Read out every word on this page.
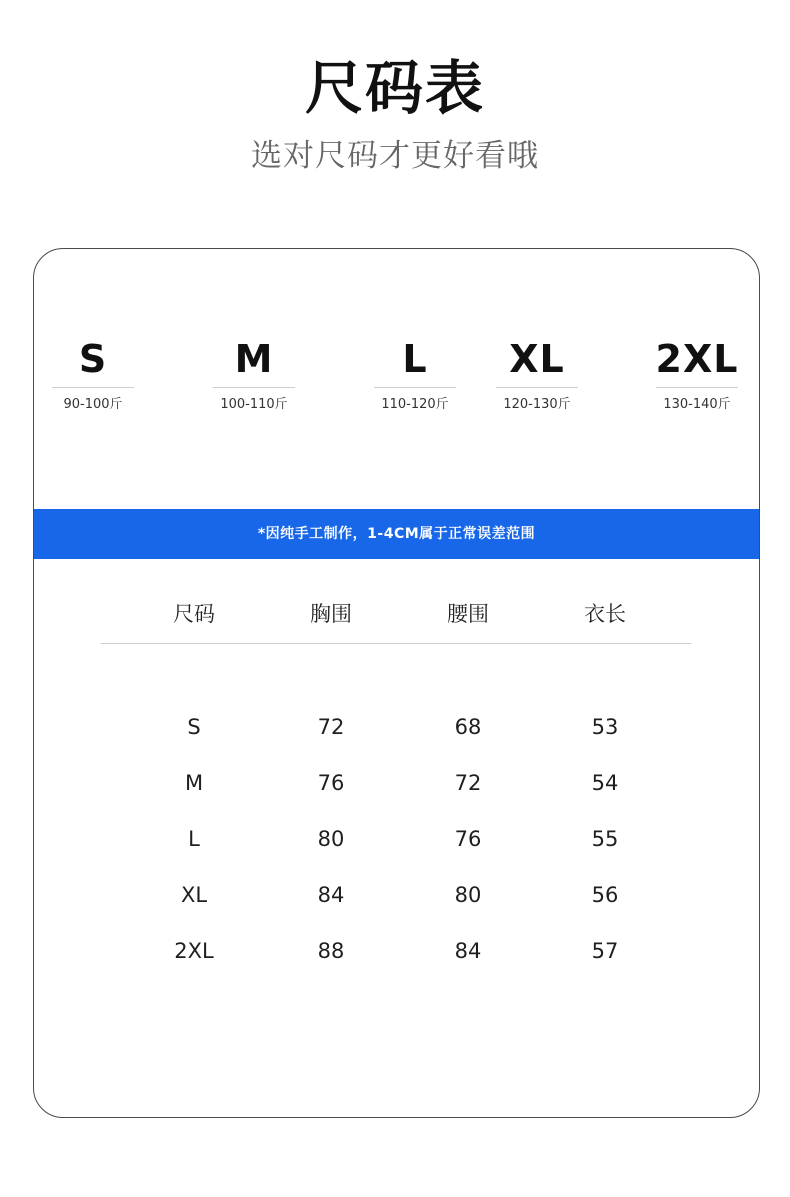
尺码表
选对尺码才更好看哦
S
90-100斤
M
100-110斤
L
110-120斤
XL
120-130斤
2XL
130-140斤
*因纯手工制作，1-4CM属于正常误差范围
尺码	胸围	腰围	衣长
S	72	68	53
M	76	72	54
L	80	76	55
XL	84	80	56
2XL	88	84	57
